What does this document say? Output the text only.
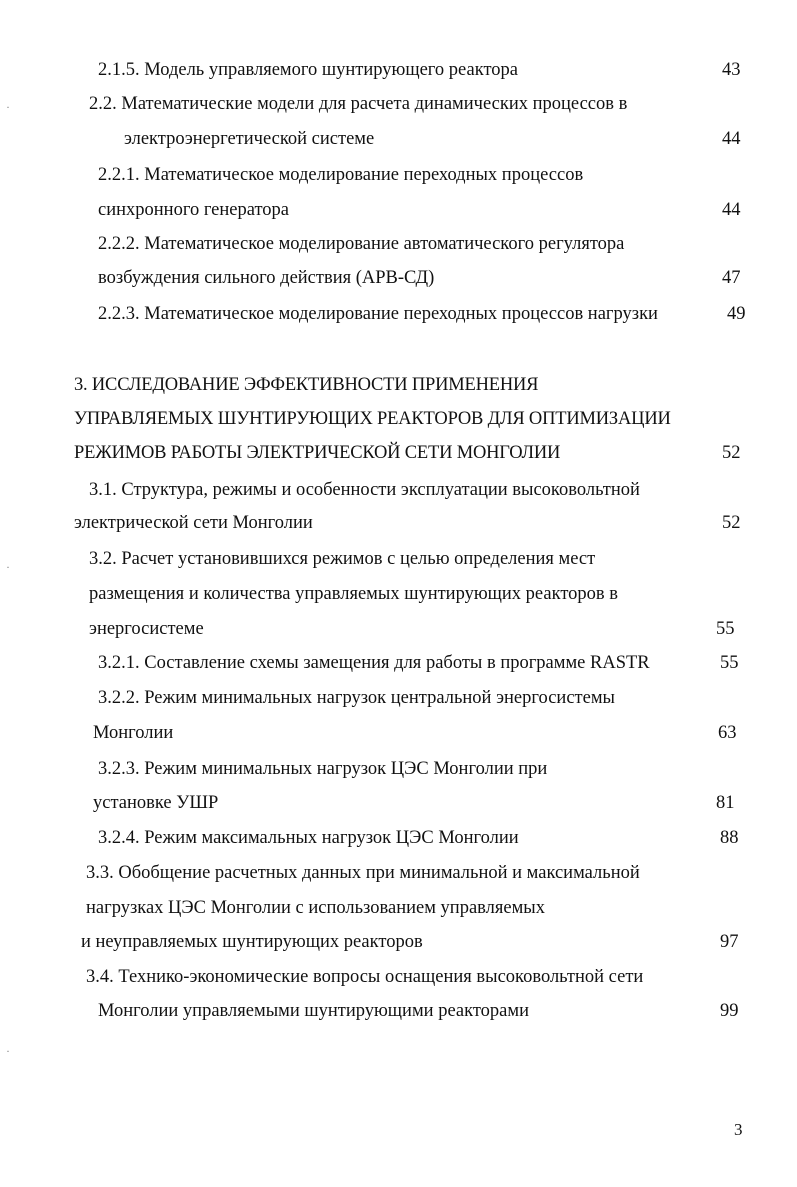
2.1.5. Модель управляемого шунтирующего реактора	43
2.2. Математические модели для расчета динамических процессов в
электроэнергетической системе	44
2.2.1. Математическое моделирование переходных процессов
синхронного генератора	44
2.2.2. Математическое моделирование автоматического регулятора
возбуждения сильного действия (АРВ-СД)	47
2.2.3. Математическое моделирование переходных процессов нагрузки	49
3. ИССЛЕДОВАНИЕ ЭФФЕКТИВНОСТИ ПРИМЕНЕНИЯ
УПРАВЛЯЕМЫХ ШУНТИРУЮЩИХ РЕАКТОРОВ ДЛЯ ОПТИМИЗАЦИИ
РЕЖИМОВ РАБОТЫ ЭЛЕКТРИЧЕСКОЙ СЕТИ МОНГОЛИИ	52
3.1. Структура, режимы и особенности эксплуатации высоковольтной
электрической сети Монголии	52
3.2. Расчет установившихся режимов с целью определения мест
размещения и количества управляемых шунтирующих реакторов в
энергосистеме	55
3.2.1. Составление схемы замещения для работы в программе RASTR	55
3.2.2. Режим минимальных нагрузок центральной энергосистемы
Монголии	63
3.2.3. Режим минимальных нагрузок ЦЭС Монголии при
установке УШР	81
3.2.4. Режим максимальных нагрузок ЦЭС Монголии	88
3.3. Обобщение расчетных данных при минимальной и максимальной
нагрузках ЦЭС Монголии с использованием управляемых
и неуправляемых шунтирующих реакторов	97
3.4. Технико-экономические вопросы оснащения высоковольтной сети
Монголии управляемыми шунтирующими реакторами	99
3
·
·
·
